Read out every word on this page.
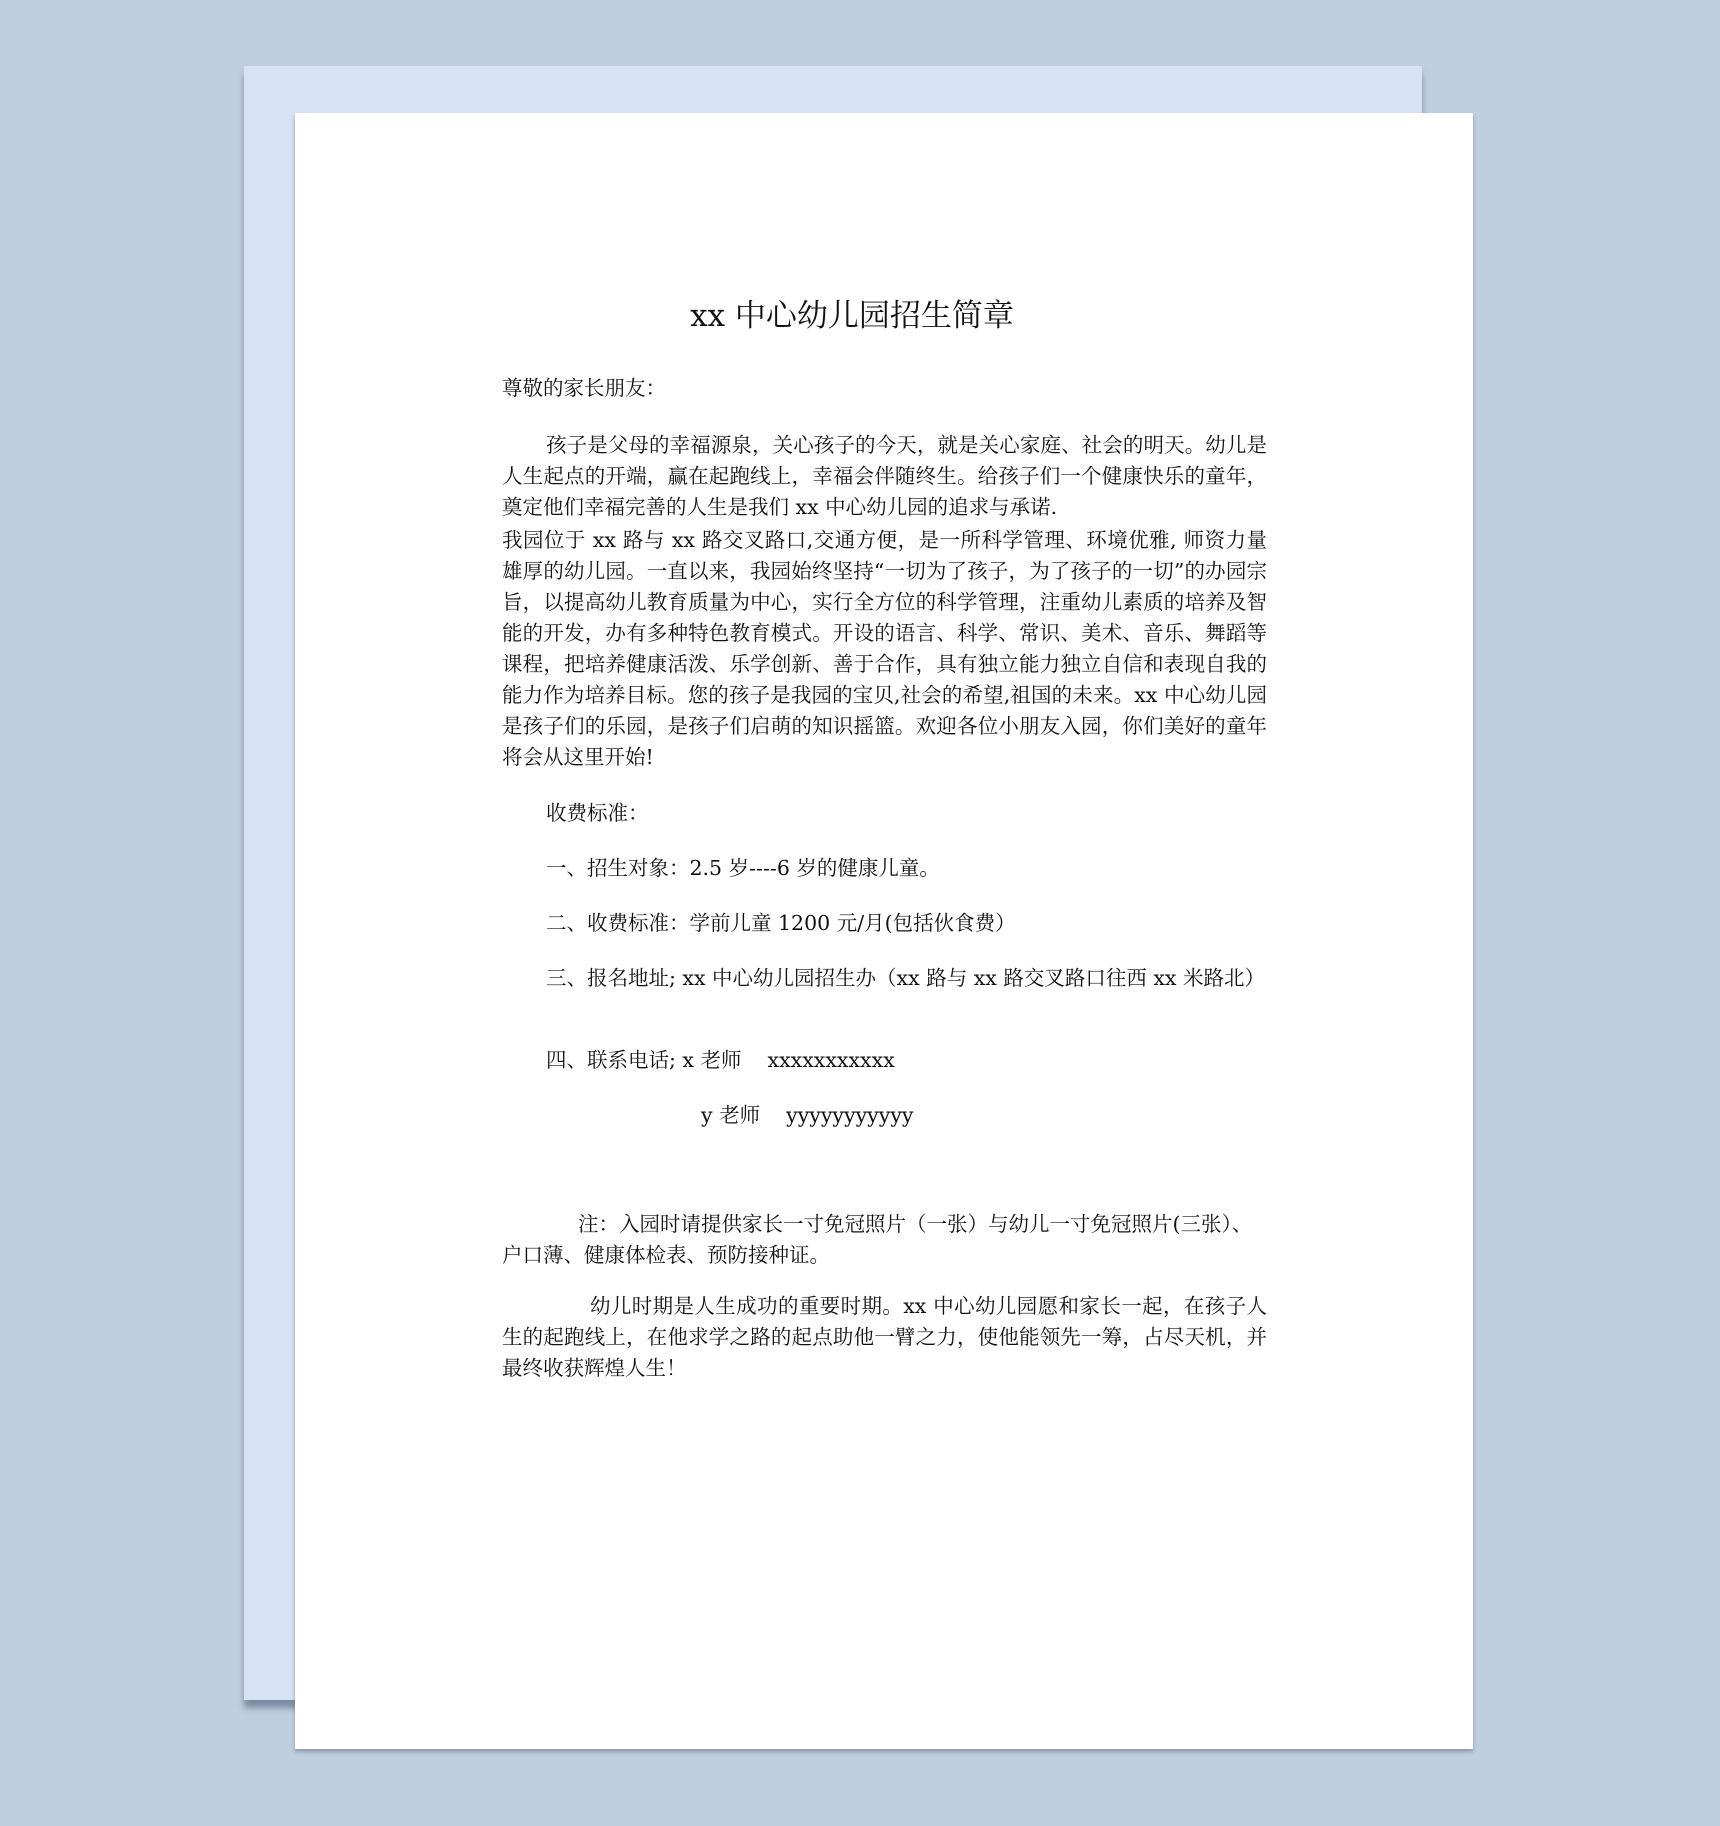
xx 中心幼儿园招生简章

尊敬的家长朋友：

孩子是父母的幸福源泉，关心孩子的今天，就是关心家庭、社会的明天。幼儿是人生起点的开端，赢在起跑线上，幸福会伴随终生。给孩子们一个健康快乐的童年，奠定他们幸福完善的人生是我们 xx 中心幼儿园的追求与承诺.

我园位于 xx 路与 xx 路交叉路口,交通方便，是一所科学管理、环境优雅, 师资力量雄厚的幼儿园。一直以来，我园始终坚持“一切为了孩子，为了孩子的一切”的办园宗旨，以提高幼儿教育质量为中心，实行全方位的科学管理，注重幼儿素质的培养及智能的开发，办有多种特色教育模式。开设的语言、科学、常识、美术、音乐、舞蹈等课程，把培养健康活泼、乐学创新、善于合作，具有独立能力独立自信和表现自我的能力作为培养目标。您的孩子是我园的宝贝,社会的希望,祖国的未来。xx 中心幼儿园是孩子们的乐园，是孩子们启萌的知识摇篮。欢迎各位小朋友入园，你们美好的童年将会从这里开始!

收费标准：

一、招生对象：2.5 岁----6 岁的健康儿童。

二、收费标准：学前儿童 1200 元/月(包括伙食费）

三、报名地址; xx 中心幼儿园招生办（xx 路与 xx 路交叉路口往西 xx 米路北）

四、联系电话; x 老师 xxxxxxxxxxx

y 老师 yyyyyyyyyyy

注：入园时请提供家长一寸免冠照片（一张）与幼儿一寸免冠照片(三张）、户口薄、健康体检表、预防接种证。

幼儿时期是人生成功的重要时期。xx 中心幼儿园愿和家长一起，在孩子人生的起跑线上，在他求学之路的起点助他一臂之力，使他能领先一筹，占尽天机，并最终收获辉煌人生！
